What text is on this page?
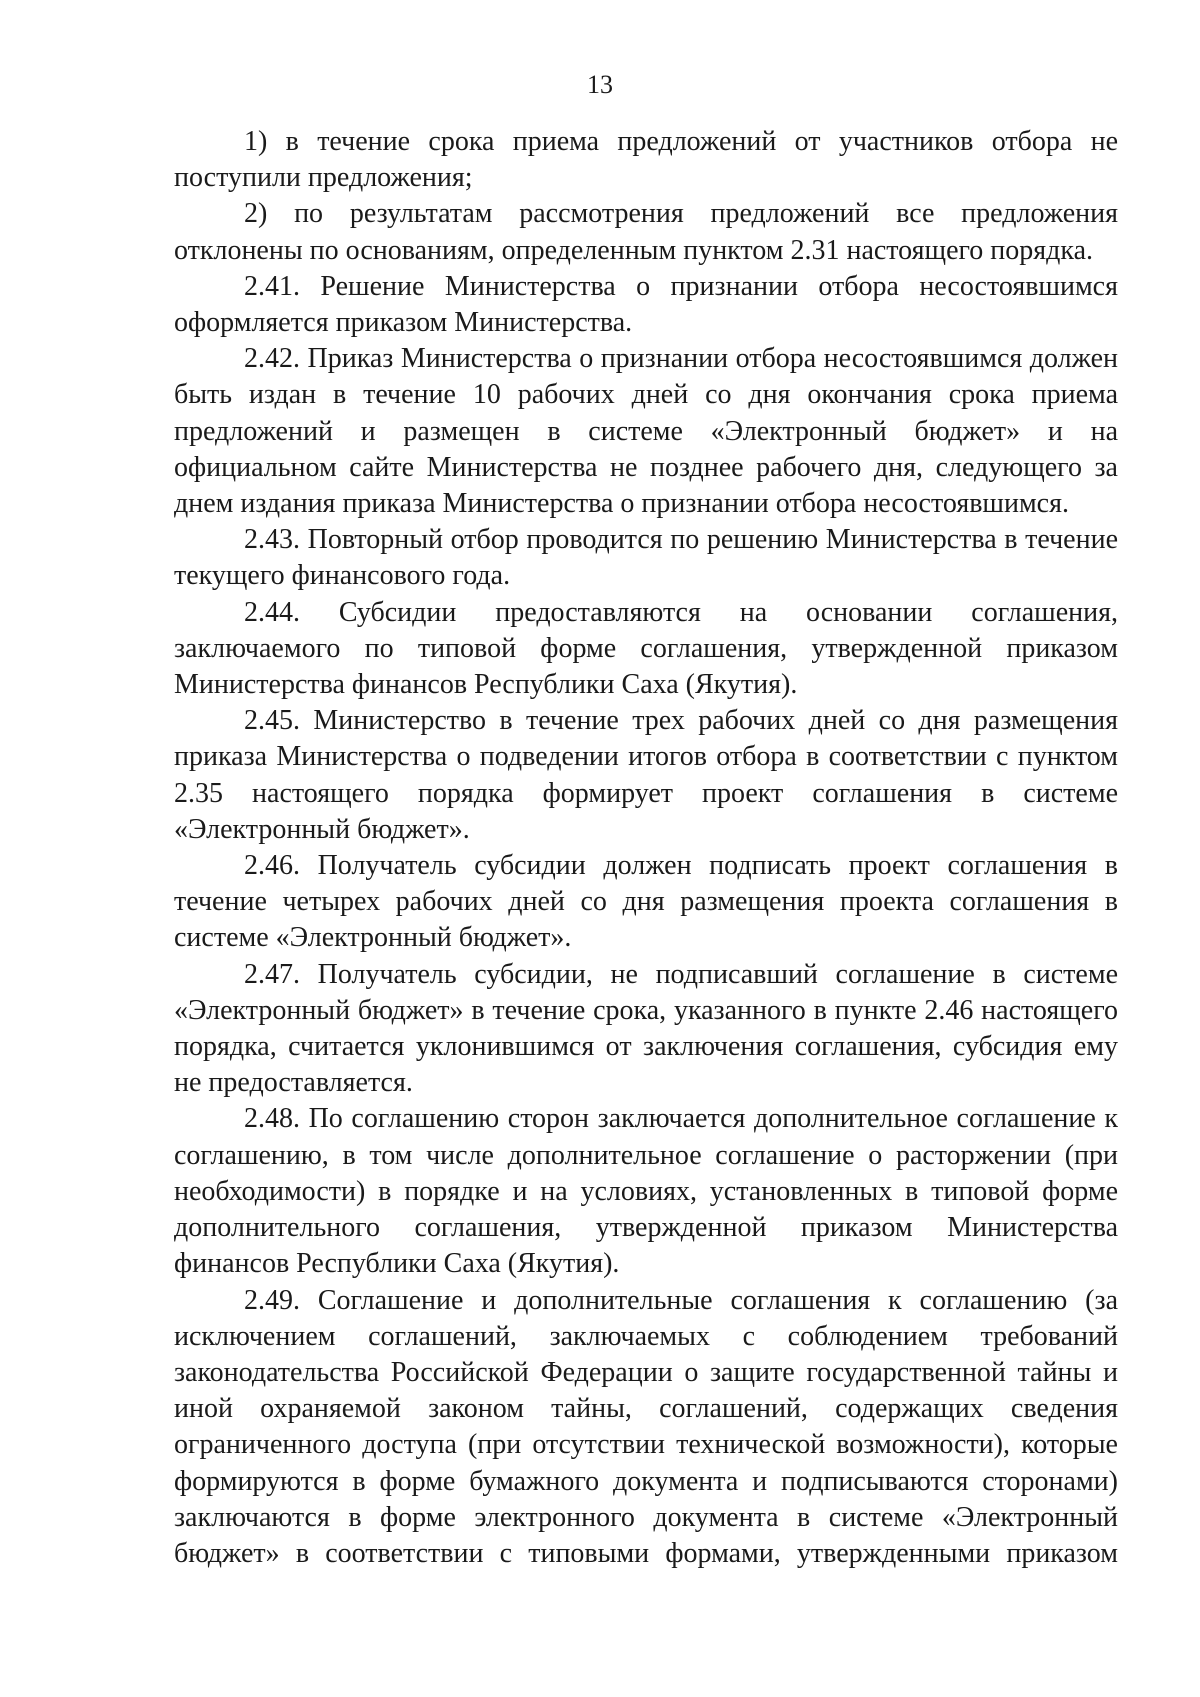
13

1) в течение срока приема предложений от участников отбора не поступили предложения;

2) по результатам рассмотрения предложений все предложения отклонены по основаниям, определенным пунктом 2.31 настоящего порядка.

2.41. Решение Министерства о признании отбора несостоявшимся оформляется приказом Министерства.

2.42. Приказ Министерства о признании отбора несостоявшимся должен быть издан в течение 10 рабочих дней со дня окончания срока приема предложений и размещен в системе «Электронный бюджет» и на официальном сайте Министерства не позднее рабочего дня, следующего за днем издания приказа Министерства о признании отбора несостоявшимся.

2.43. Повторный отбор проводится по решению Министерства в течение текущего финансового года.

2.44. Субсидии предоставляются на основании соглашения, заключаемого по типовой форме соглашения, утвержденной приказом Министерства финансов Республики Саха (Якутия).

2.45. Министерство в течение трех рабочих дней со дня размещения приказа Министерства о подведении итогов отбора в соответствии с пунктом 2.35 настоящего порядка формирует проект соглашения в системе «Электронный бюджет».

2.46. Получатель субсидии должен подписать проект соглашения в течение четырех рабочих дней со дня размещения проекта соглашения в системе «Электронный бюджет».

2.47. Получатель субсидии, не подписавший соглашение в системе «Электронный бюджет» в течение срока, указанного в пункте 2.46 настоящего порядка, считается уклонившимся от заключения соглашения, субсидия ему не предоставляется.

2.48. По соглашению сторон заключается дополнительное соглашение к соглашению, в том числе дополнительное соглашение о расторжении (при необходимости) в порядке и на условиях, установленных в типовой форме дополнительного соглашения, утвержденной приказом Министерства финансов Республики Саха (Якутия).

2.49. Соглашение и дополнительные соглашения к соглашению (за исключением соглашений, заключаемых с соблюдением требований законодательства Российской Федерации о защите государственной тайны и иной охраняемой законом тайны, соглашений, содержащих сведения ограниченного доступа (при отсутствии технической возможности), которые формируются в форме бумажного документа и подписываются сторонами) заключаются в форме электронного документа в системе «Электронный бюджет» в соответствии с типовыми формами, утвержденными приказом
